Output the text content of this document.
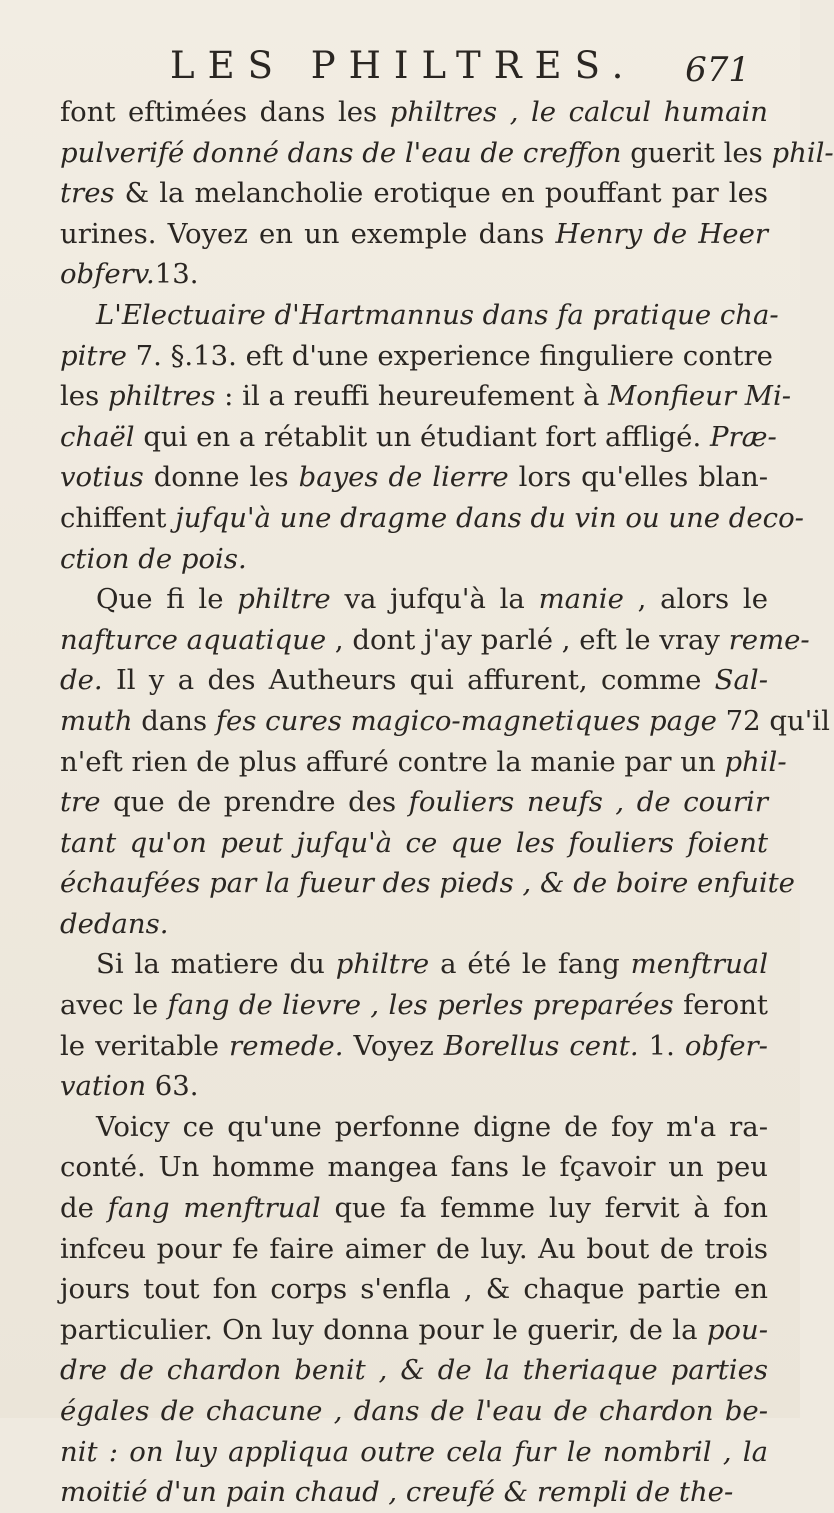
LES PHILTRES. 671
font eftimées dans les philtres , le calcul humain
pulverifé donné dans de l'eau de creffon guerit les phil-
tres & la melancholie erotique en pouffant par les
urines. Voyez en un exemple dans Henry de Heer
obferv.13.
L'Electuaire d'Hartmannus dans fa pratique cha-
pitre 7. §.13. eft d'une experience finguliere contre
les philtres : il a reuffi heureufement à Monfieur Mi-
chaël qui en a rétablit un étudiant fort affligé. Præ-
votius donne les bayes de lierre lors qu'elles blan-
chiffent jufqu'à une dragme dans du vin ou une deco-
ction de pois.
Que fi le philtre va jufqu'à la manie , alors le
nafturce aquatique , dont j'ay parlé , eft le vray reme-
de. Il y a des Autheurs qui affurent, comme Sal-
muth dans fes cures magico-magnetiques page 72 qu'il
n'eft rien de plus affuré contre la manie par un phil-
tre que de prendre des fouliers neufs , de courir
tant qu'on peut jufqu'à ce que les fouliers foient
échaufées par la fueur des pieds , & de boire enfuite
dedans.
Si la matiere du philtre a été le fang menftrual
avec le fang de lievre , les perles preparées feront
le veritable remede. Voyez Borellus cent. 1. obfer-
vation 63.
Voicy ce qu'une perfonne digne de foy m'a ra-
conté. Un homme mangea fans le fçavoir un peu
de fang menftrual que fa femme luy fervit à fon
infceu pour fe faire aimer de luy. Au bout de trois
jours tout fon corps s'enfla , & chaque partie en
particulier. On luy donna pour le guerir, de la pou-
dre de chardon benit , & de la theriaque parties
égales de chacune , dans de l'eau de chardon be-
nit : on luy appliqua outre cela fur le nombril , la
moitié d'un pain chaud , creufé & rempli de the-
